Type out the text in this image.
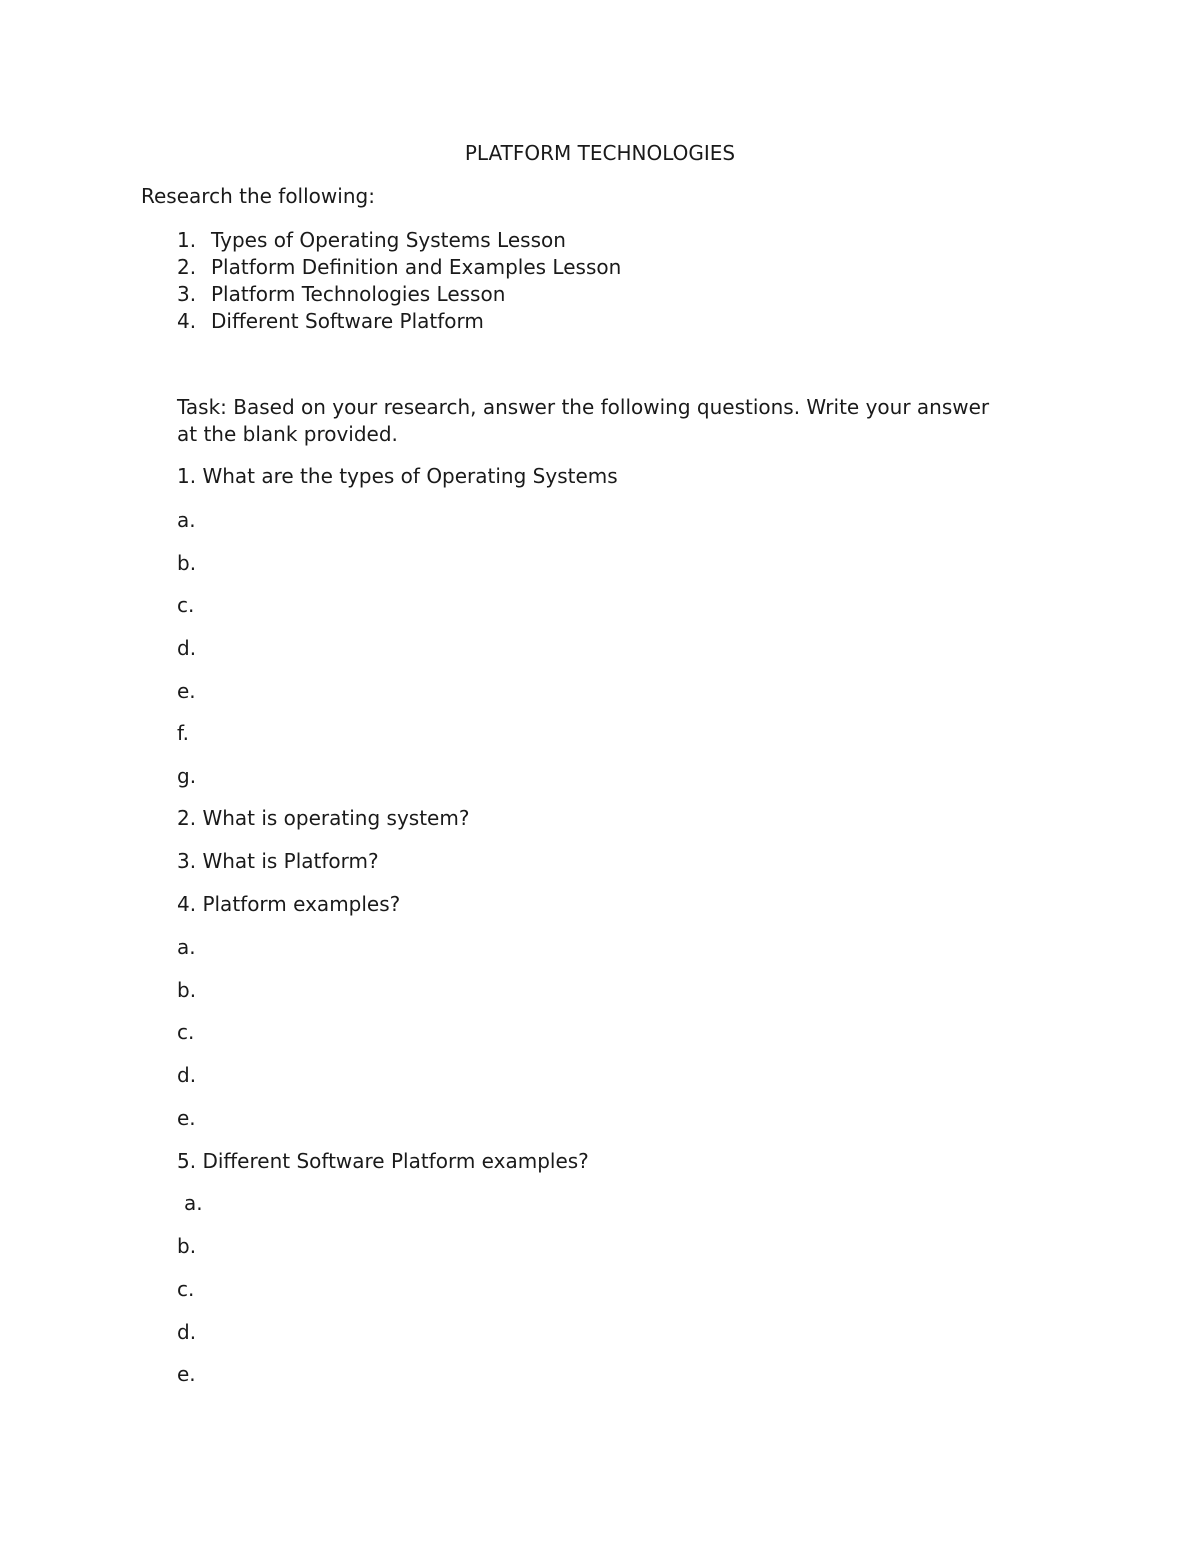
PLATFORM TECHNOLOGIES
Research the following:
1. Types of Operating Systems Lesson
2. Platform Definition and Examples Lesson
3. Platform Technologies Lesson
4. Different Software Platform
Task: Based on your research, answer the following questions. Write your answer
at the blank provided.
1. What are the types of Operating Systems
a.
b.
c.
d.
e.
f.
g.
2. What is operating system?
3. What is Platform?
4. Platform examples?
a.
b.
c.
d.
e.
5. Different Software Platform examples?
a.
b.
c.
d.
e.
